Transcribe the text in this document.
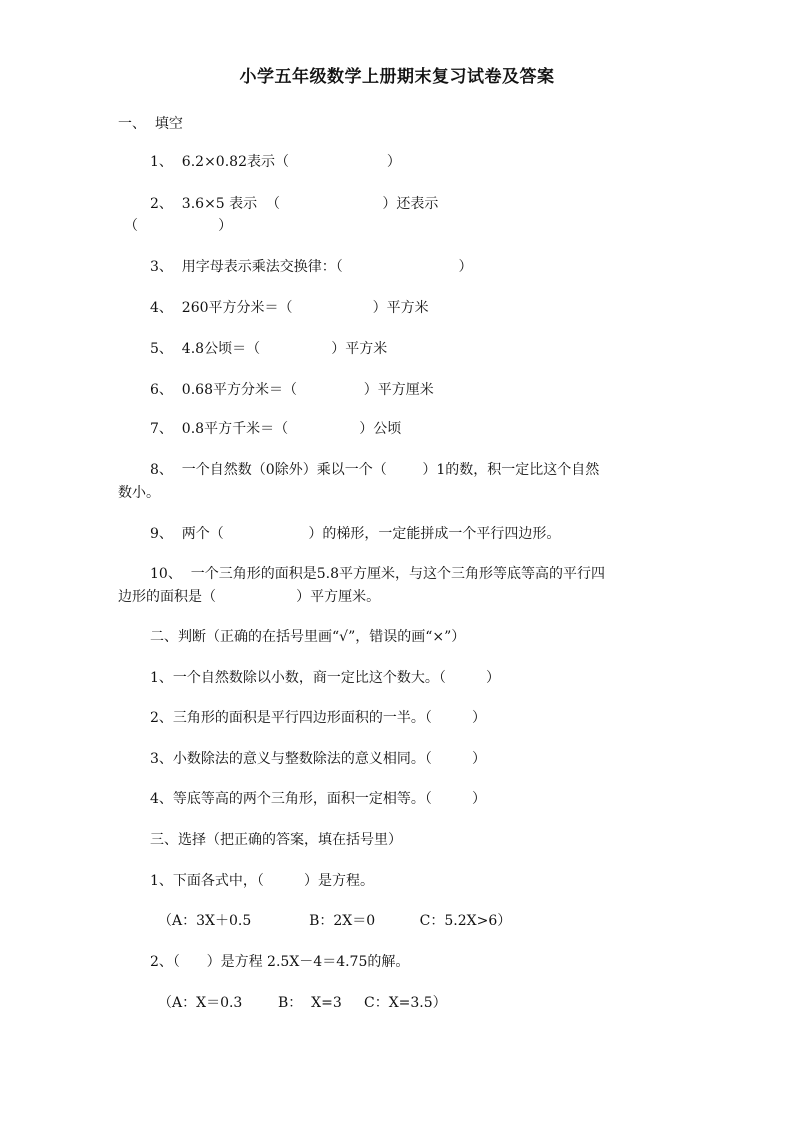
小学五年级数学上册期末复习试卷及答案
一、  填空
1、  6.2×0.82表示（                      ）
2、  3.6×5 表示  （                       ）还表示
（                  ）
3、  用字母表示乘法交换律：（                          ）
4、  260平方分米＝（                  ）平方米
5、  4.8公顷＝（                ）平方米
6、  0.68平方分米＝（               ）平方厘米
7、  0.8平方千米＝（                ）公顷
8、  一个自然数（0除外）乘以一个（        ）1的数，积一定比这个自然
数小。
9、  两个（                   ）的梯形，一定能拼成一个平行四边形。
10、  一个三角形的面积是5.8平方厘米，与这个三角形等底等高的平行四
边形的面积是（                  ）平方厘米。
二、判断（正确的在括号里画“√”，错误的画“×”）
1、一个自然数除以小数，商一定比这个数大。（         ）
2、三角形的面积是平行四边形面积的一半。（         ）
3、小数除法的意义与整数除法的意义相同。（         ）
4、等底等高的两个三角形，面积一定相等。（         ）
三、选择（把正确的答案，填在括号里）
1、下面各式中，（         ）是方程。
（A：3X＋0.5             B：2X＝0          C：5.2X>6）
2、（      ）是方程 2.5X－4＝4.75的解。
（A：X＝0.3        B：  X=3     C：X=3.5）
